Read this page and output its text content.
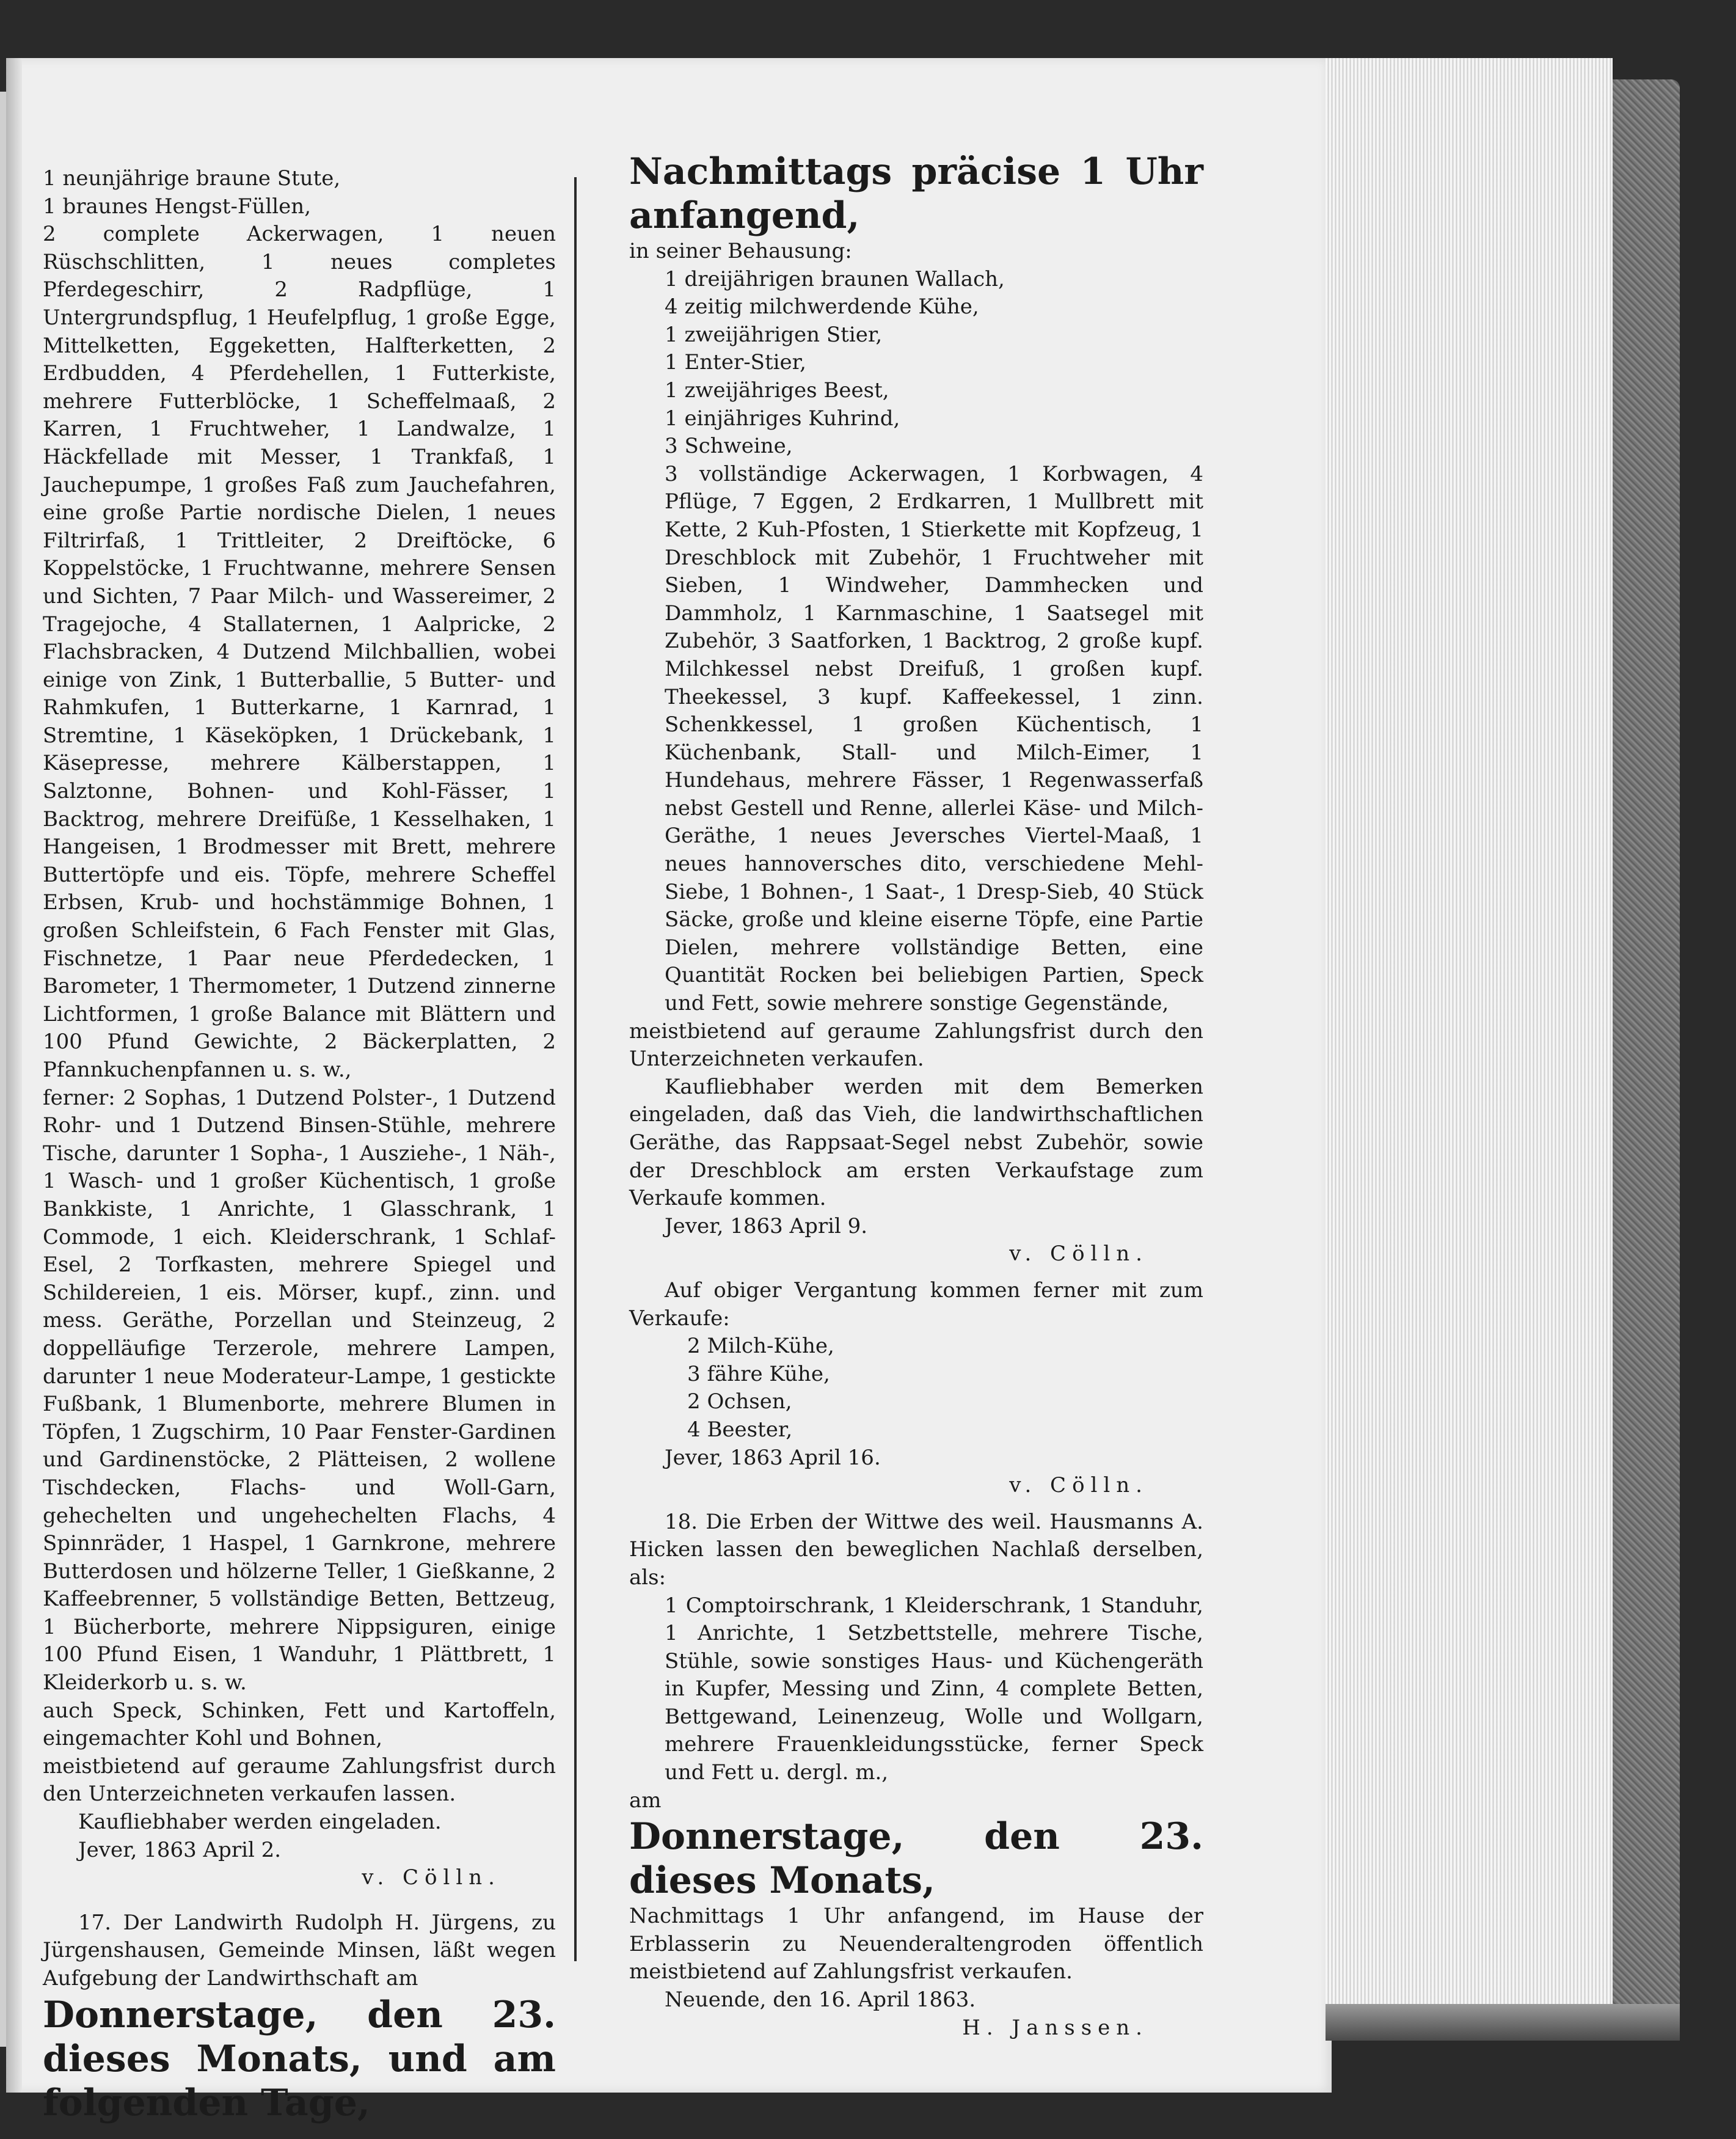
1 neunjährige braune Stute,

1 braunes Hengst-Füllen,

2 complete Ackerwagen, 1 neuen Rüschschlitten, 1 neues completes Pferdegeschirr, 2 Radpflüge, 1 Untergrundspflug, 1 Heufelpflug, 1 große Egge, Mittelketten, Eggeketten, Halfterketten, 2 Erdbudden, 4 Pferdehellen, 1 Futterkiste, mehrere Futterblöcke, 1 Scheffelmaaß, 2 Karren, 1 Fruchtweher, 1 Landwalze, 1 Häckfellade mit Messer, 1 Trankfaß, 1 Jauchepumpe, 1 großes Faß zum Jauchefahren, eine große Partie nordische Dielen, 1 neues Filtrirfaß, 1 Trittleiter, 2 Dreiftöcke, 6 Koppelstöcke, 1 Fruchtwanne, mehrere Sensen und Sichten, 7 Paar Milch- und Wassereimer, 2 Tragejoche, 4 Stallaternen, 1 Aalpricke, 2 Flachsbracken, 4 Dutzend Milchballien, wobei einige von Zink, 1 Butterballie, 5 Butter- und Rahmkufen, 1 Butterkarne, 1 Karnrad, 1 Stremtine, 1 Käseköpken, 1 Drückebank, 1 Käsepresse, mehrere Kälberstappen, 1 Salztonne, Bohnen- und Kohl-Fässer, 1 Backtrog, mehrere Dreifüße, 1 Kesselhaken, 1 Hangeisen, 1 Brodmesser mit Brett, mehrere Buttertöpfe und eis. Töpfe, mehrere Scheffel Erbsen, Krub- und hochstämmige Bohnen, 1 großen Schleifstein, 6 Fach Fenster mit Glas, Fischnetze, 1 Paar neue Pferdedecken, 1 Barometer, 1 Thermometer, 1 Dutzend zinnerne Lichtformen, 1 große Balance mit Blättern und 100 Pfund Gewichte, 2 Bäckerplatten, 2 Pfannkuchenpfannen u. s. w.,

ferner: 2 Sophas, 1 Dutzend Polster-, 1 Dutzend Rohr- und 1 Dutzend Binsen-Stühle, mehrere Tische, darunter 1 Sopha-, 1 Ausziehe-, 1 Näh-, 1 Wasch- und 1 großer Küchentisch, 1 große Bankkiste, 1 Anrichte, 1 Glasschrank, 1 Commode, 1 eich. Kleiderschrank, 1 Schlaf-Esel, 2 Torfkasten, mehrere Spiegel und Schildereien, 1 eis. Mörser, kupf., zinn. und mess. Geräthe, Porzellan und Steinzeug, 2 doppelläufige Terzerole, mehrere Lampen, darunter 1 neue Moderateur-Lampe, 1 gestickte Fußbank, 1 Blumenborte, mehrere Blumen in Töpfen, 1 Zugschirm, 10 Paar Fenster-Gardinen und Gardinenstöcke, 2 Plätteisen, 2 wollene Tischdecken, Flachs- und Woll-Garn, gehechelten und ungehechelten Flachs, 4 Spinnräder, 1 Haspel, 1 Garnkrone, mehrere Butterdosen und hölzerne Teller, 1 Gießkanne, 2 Kaffeebrenner, 5 vollständige Betten, Bettzeug, 1 Bücherborte, mehrere Nippsiguren, einige 100 Pfund Eisen, 1 Wanduhr, 1 Plättbrett, 1 Kleiderkorb u. s. w.

auch Speck, Schinken, Fett und Kartoffeln, eingemachter Kohl und Bohnen,

meistbietend auf geraume Zahlungsfrist durch den Unterzeichneten verkaufen lassen.

Kaufliebhaber werden eingeladen.

Jever, 1863 April 2.

v. Cölln.

17. Der Landwirth Rudolph H. Jürgens, zu Jürgenshausen, Gemeinde Minsen, läßt wegen Aufgebung der Landwirthschaft am

Donnerstage, den 23. dieses Monats, und am folgenden Tage,

Nachmittags präcise 1 Uhr anfangend,

in seiner Behausung:

1 dreijährigen braunen Wallach,

4 zeitig milchwerdende Kühe,

1 zweijährigen Stier,

1 Enter-Stier,

1 zweijähriges Beest,

1 einjähriges Kuhrind,

3 Schweine,

3 vollständige Ackerwagen, 1 Korbwagen, 4 Pflüge, 7 Eggen, 2 Erdkarren, 1 Mullbrett mit Kette, 2 Kuh-Pfosten, 1 Stierkette mit Kopfzeug, 1 Dreschblock mit Zubehör, 1 Fruchtweher mit Sieben, 1 Windweher, Dammhecken und Dammholz, 1 Karnmaschine, 1 Saatsegel mit Zubehör, 3 Saatforken, 1 Backtrog, 2 große kupf. Milchkessel nebst Dreifuß, 1 großen kupf. Theekessel, 3 kupf. Kaffeekessel, 1 zinn. Schenkkessel, 1 großen Küchentisch, 1 Küchenbank, Stall- und Milch-Eimer, 1 Hundehaus, mehrere Fässer, 1 Regenwasserfaß nebst Gestell und Renne, allerlei Käse- und Milch-Geräthe, 1 neues Jeversches Viertel-Maaß, 1 neues hannoversches dito, verschiedene Mehl-Siebe, 1 Bohnen-, 1 Saat-, 1 Dresp-Sieb, 40 Stück Säcke, große und kleine eiserne Töpfe, eine Partie Dielen, mehrere vollständige Betten, eine Quantität Rocken bei beliebigen Partien, Speck und Fett, sowie mehrere sonstige Gegenstände,

meistbietend auf geraume Zahlungsfrist durch den Unterzeichneten verkaufen.

Kaufliebhaber werden mit dem Bemerken eingeladen, daß das Vieh, die landwirthschaftlichen Geräthe, das Rappsaat-Segel nebst Zubehör, sowie der Dreschblock am ersten Verkaufstage zum Verkaufe kommen.

Jever, 1863 April 9.

v. Cölln.

Auf obiger Vergantung kommen ferner mit zum Verkaufe:

2 Milch-Kühe,

3 fähre Kühe,

2 Ochsen,

4 Beester,

Jever, 1863 April 16.

v. Cölln.

18. Die Erben der Wittwe des weil. Hausmanns A. Hicken lassen den beweglichen Nachlaß derselben, als:

1 Comptoirschrank, 1 Kleiderschrank, 1 Standuhr, 1 Anrichte, 1 Setzbettstelle, mehrere Tische, Stühle, sowie sonstiges Haus- und Küchengeräth in Kupfer, Messing und Zinn, 4 complete Betten, Bettgewand, Leinenzeug, Wolle und Wollgarn, mehrere Frauenkleidungsstücke, ferner Speck und Fett u. dergl. m.,

am

Donnerstage, den 23. dieses Monats,

Nachmittags 1 Uhr anfangend, im Hause der Erblasserin zu Neuenderaltengroden öffentlich meistbietend auf Zahlungsfrist verkaufen.

Neuende, den 16. April 1863.

H. Janssen.
